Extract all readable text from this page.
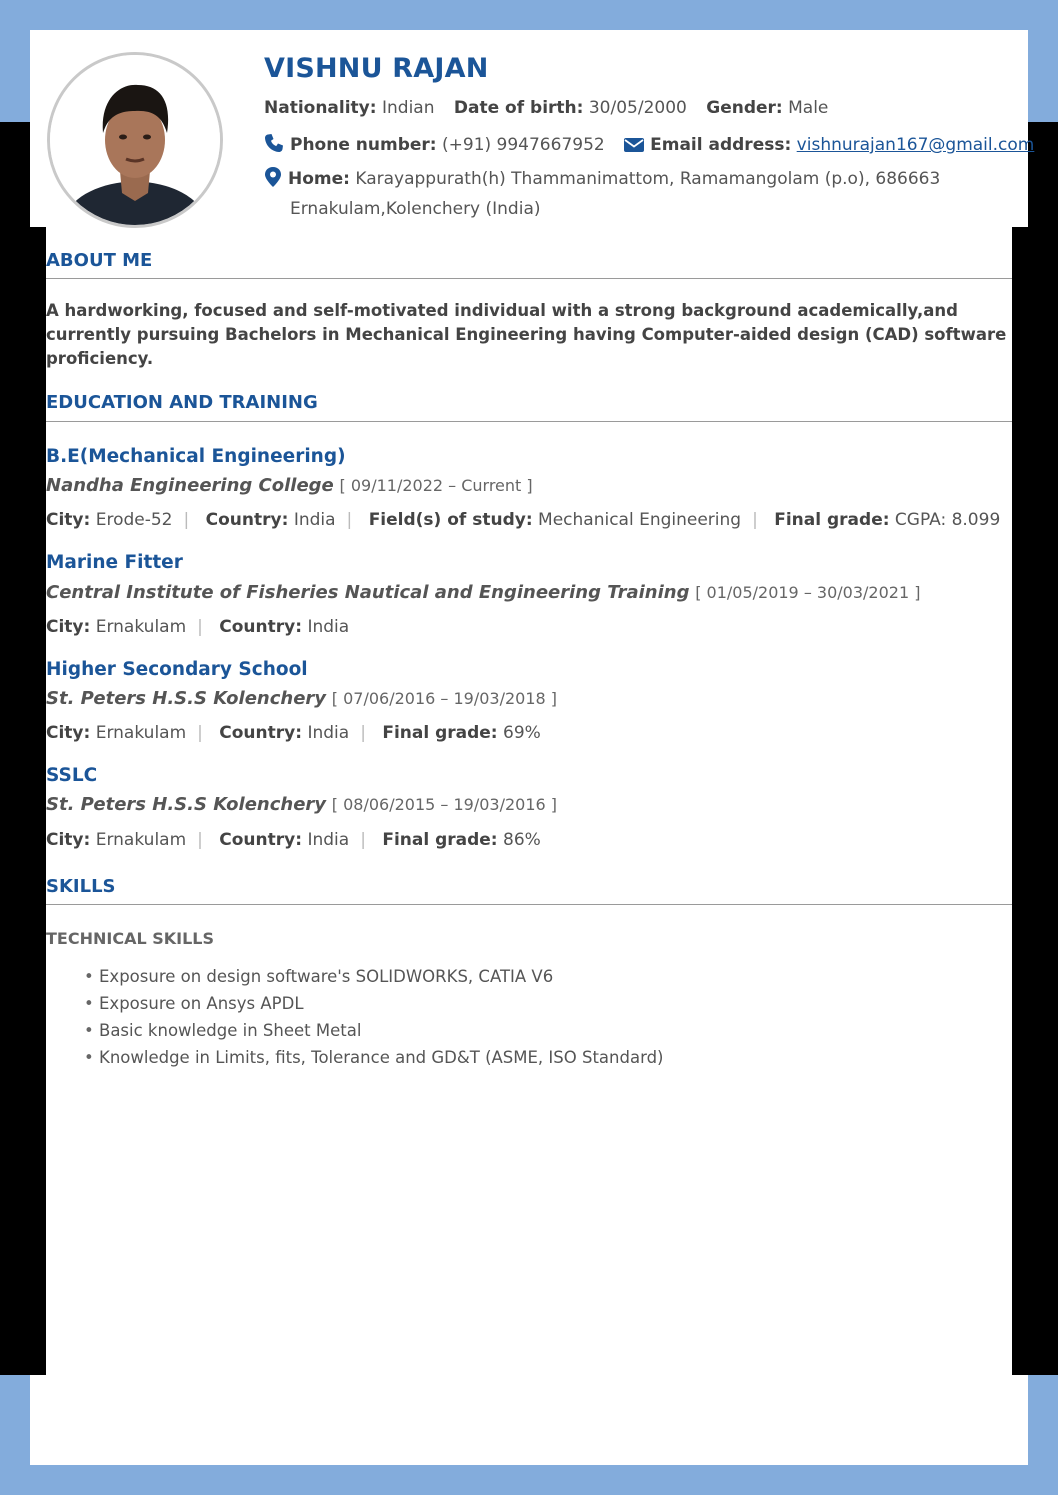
VISHNU RAJAN
Nationality: Indian Date of birth: 30/05/2000 Gender: Male
Phone number: (+91) 9947667952	Email address: vishnurajan167@gmail.com
Home: Karayappurath(h) Thammanimattom, Ramamangolam (p.o), 686663
Ernakulam,Kolenchery (India)
ABOUT ME

A hardworking, focused and self-motivated individual with a strong background academically,and currently pursuing Bachelors in Mechanical Engineering having Computer-aided design (CAD) software proficiency.

EDUCATION AND TRAINING
B.E(Mechanical Engineering)
Nandha Engineering College [ 09/11/2022 – Current ]
City: Erode-52 | Country: India | Field(s) of study: Mechanical Engineering | Final grade: CGPA: 8.099
Marine Fitter
Central Institute of Fisheries Nautical and Engineering Training [ 01/05/2019 – 30/03/2021 ]
City: Ernakulam | Country: India
Higher Secondary School
St. Peters H.S.S Kolenchery [ 07/06/2016 – 19/03/2018 ]
City: Ernakulam | Country: India | Final grade: 69%
SSLC
St. Peters H.S.S Kolenchery [ 08/06/2015 – 19/03/2016 ]
City: Ernakulam | Country: India | Final grade: 86%
SKILLS
TECHNICAL SKILLS
• Exposure on design software's SOLIDWORKS, CATIA V6
• Exposure on Ansys APDL
• Basic knowledge in Sheet Metal
• Knowledge in Limits, fits, Tolerance and GD&T (ASME, ISO Standard)
